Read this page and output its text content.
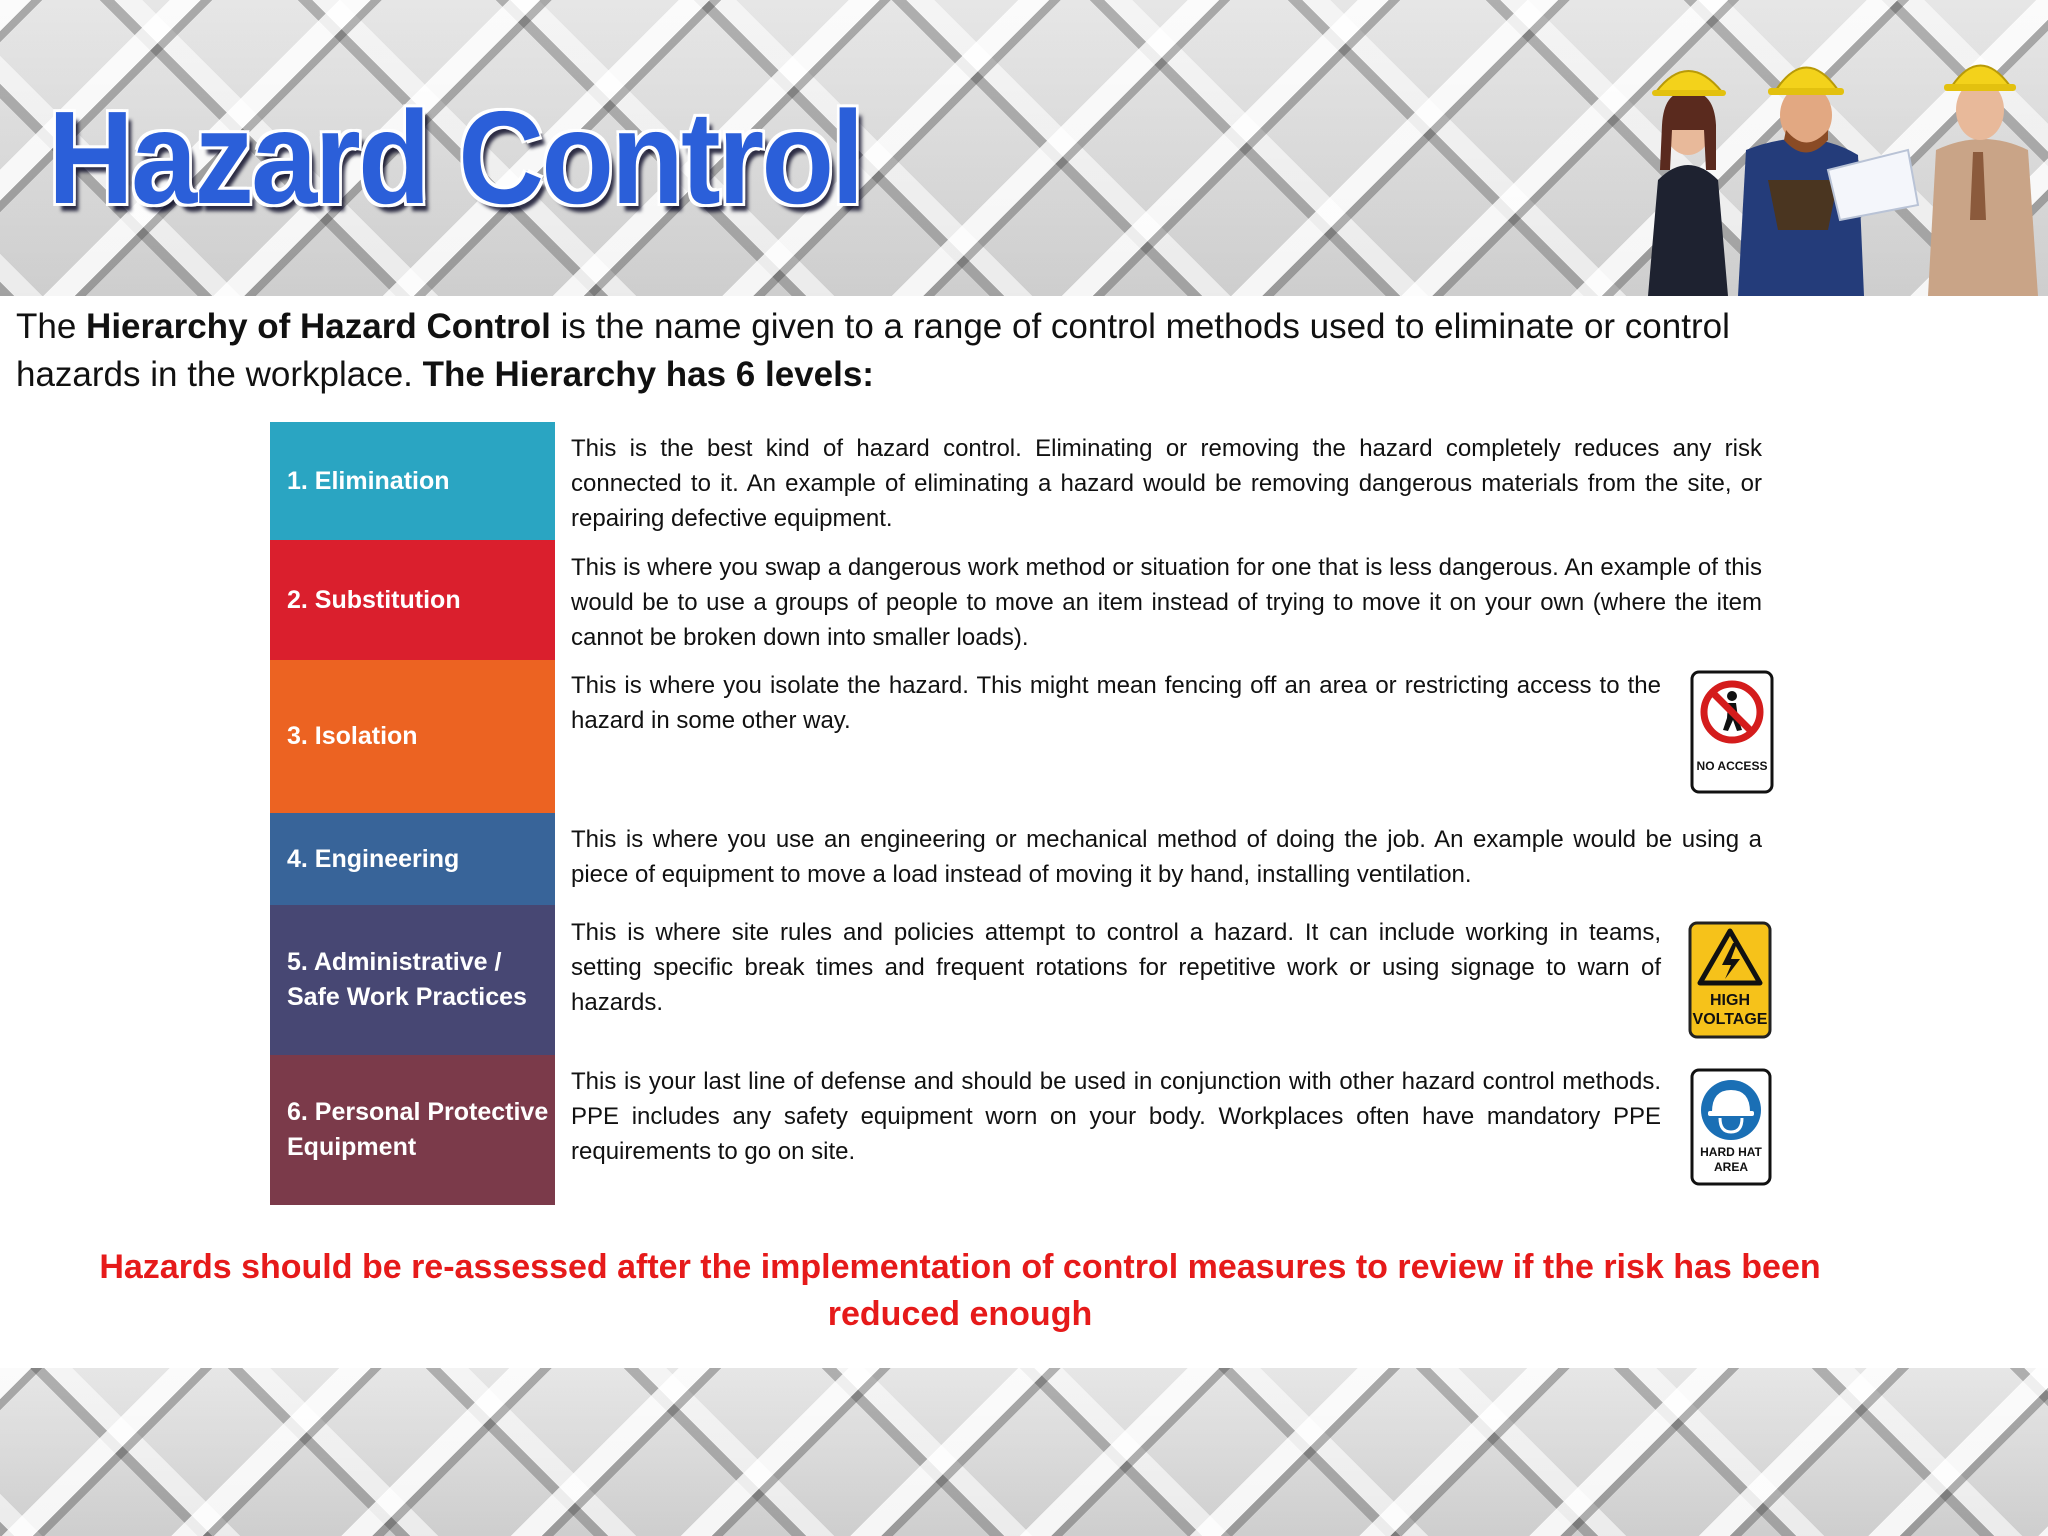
Hazard Control

The Hierarchy of Hazard Control is the name given to a range of control methods used to eliminate or control hazards in the workplace. The Hierarchy has 6 levels:

1. Elimination
2. Substitution
3. Isolation
4. Engineering
5. Administrative / Safe Work Practices
6. Personal Protective Equipment

This is the best kind of hazard control. Eliminating or removing the hazard completely reduces any risk connected to it. An example of eliminating a hazard would be removing dangerous materials from the site, or repairing defective equipment.

This is where you swap a dangerous work method or situation for one that is less dangerous. An example of this would be to use a groups of people to move an item instead of trying to move it on your own (where the item cannot be broken down into smaller loads).

This is where you isolate the hazard. This might mean fencing off an area or restricting access to the hazard in some other way.

This is where you use an engineering or mechanical method of doing the job. An example would be using a piece of equipment to move a load instead of moving it by hand, installing ventilation.

This is where site rules and policies attempt to control a hazard. It can include working in teams, setting specific break times and frequent rotations for repetitive work or using signage to warn of hazards.

This is your last line of defense and should be used in conjunction with other hazard control methods. PPE includes any safety equipment worn on your body. Workplaces often have mandatory PPE requirements to go on site.

NO ACCESS
HIGH
VOLTAGE
HARD HAT
AREA

Hazards should be re-assessed after the implementation of control measures to review if the risk has been reduced enough
